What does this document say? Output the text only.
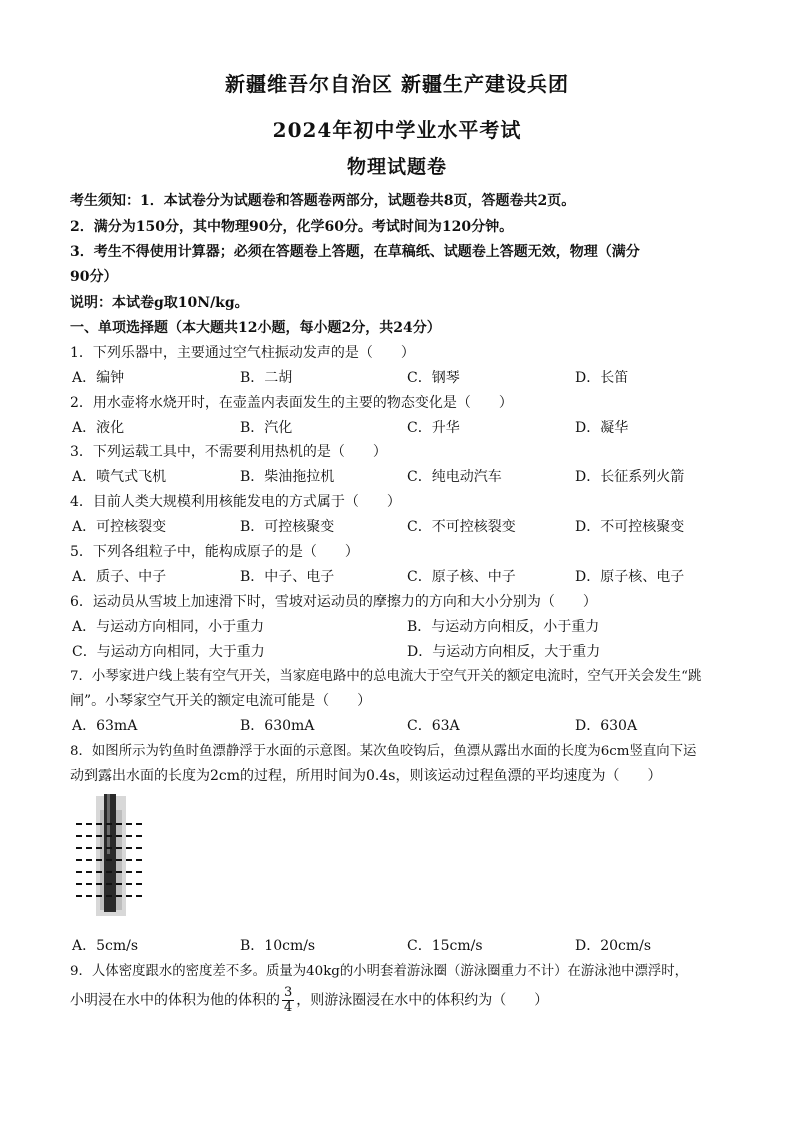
新疆维吾尔自治区 新疆生产建设兵团
2024年初中学业水平考试
物理试题卷
考生须知：1．本试卷分为试题卷和答题卷两部分，试题卷共8页，答题卷共2页。
2．满分为150分，其中物理90分，化学60分。考试时间为120分钟。
3．考生不得使用计算器；必须在答题卷上答题，在草稿纸、试题卷上答题无效，物理（满分
90分）
说明：本试卷g取10N/kg。
一、单项选择题（本大题共12小题，每小题2分，共24分）
1．下列乐器中，主要通过空气柱振动发声的是（　　）
A．编钟	B．二胡	C．钢琴	D．长笛
2．用水壶将水烧开时，在壶盖内表面发生的主要的物态变化是（　　）
A．液化	B．汽化	C．升华	D．凝华
3．下列运载工具中，不需要利用热机的是（　　）
A．喷气式飞机	B．柴油拖拉机	C．纯电动汽车	D．长征系列火箭
4．目前人类大规模利用核能发电的方式属于（　　）
A．可控核裂变	B．可控核聚变	C．不可控核裂变	D．不可控核聚变
5．下列各组粒子中，能构成原子的是（　　）
A．质子、中子	B．中子、电子	C．原子核、中子	D．原子核、电子
6．运动员从雪坡上加速滑下时，雪坡对运动员的摩擦力的方向和大小分别为（　　）
A．与运动方向相同，小于重力	B．与运动方向相反，小于重力
C．与运动方向相同，大于重力	D．与运动方向相反，大于重力
7．小琴家进户线上装有空气开关，当家庭电路中的总电流大于空气开关的额定电流时，空气开关会发生“跳
闸”。小琴家空气开关的额定电流可能是（　　）
A．63mA	B．630mA	C．63A	D．630A
8．如图所示为钓鱼时鱼漂静浮于水面的示意图。某次鱼咬钩后，鱼漂从露出水面的长度为6cm竖直向下运
动到露出水面的长度为2cm的过程，所用时间为0.4s，则该运动过程鱼漂的平均速度为（　　）
A．5cm/s	B．10cm/s	C．15cm/s	D．20cm/s
9．人体密度跟水的密度差不多。质量为40kg的小明套着游泳圈（游泳圈重力不计）在游泳池中漂浮时，
小明浸在水中的体积为他的体积的 $\frac{3}{4}$ ，则游泳圈浸在水中的体积约为（　　）
